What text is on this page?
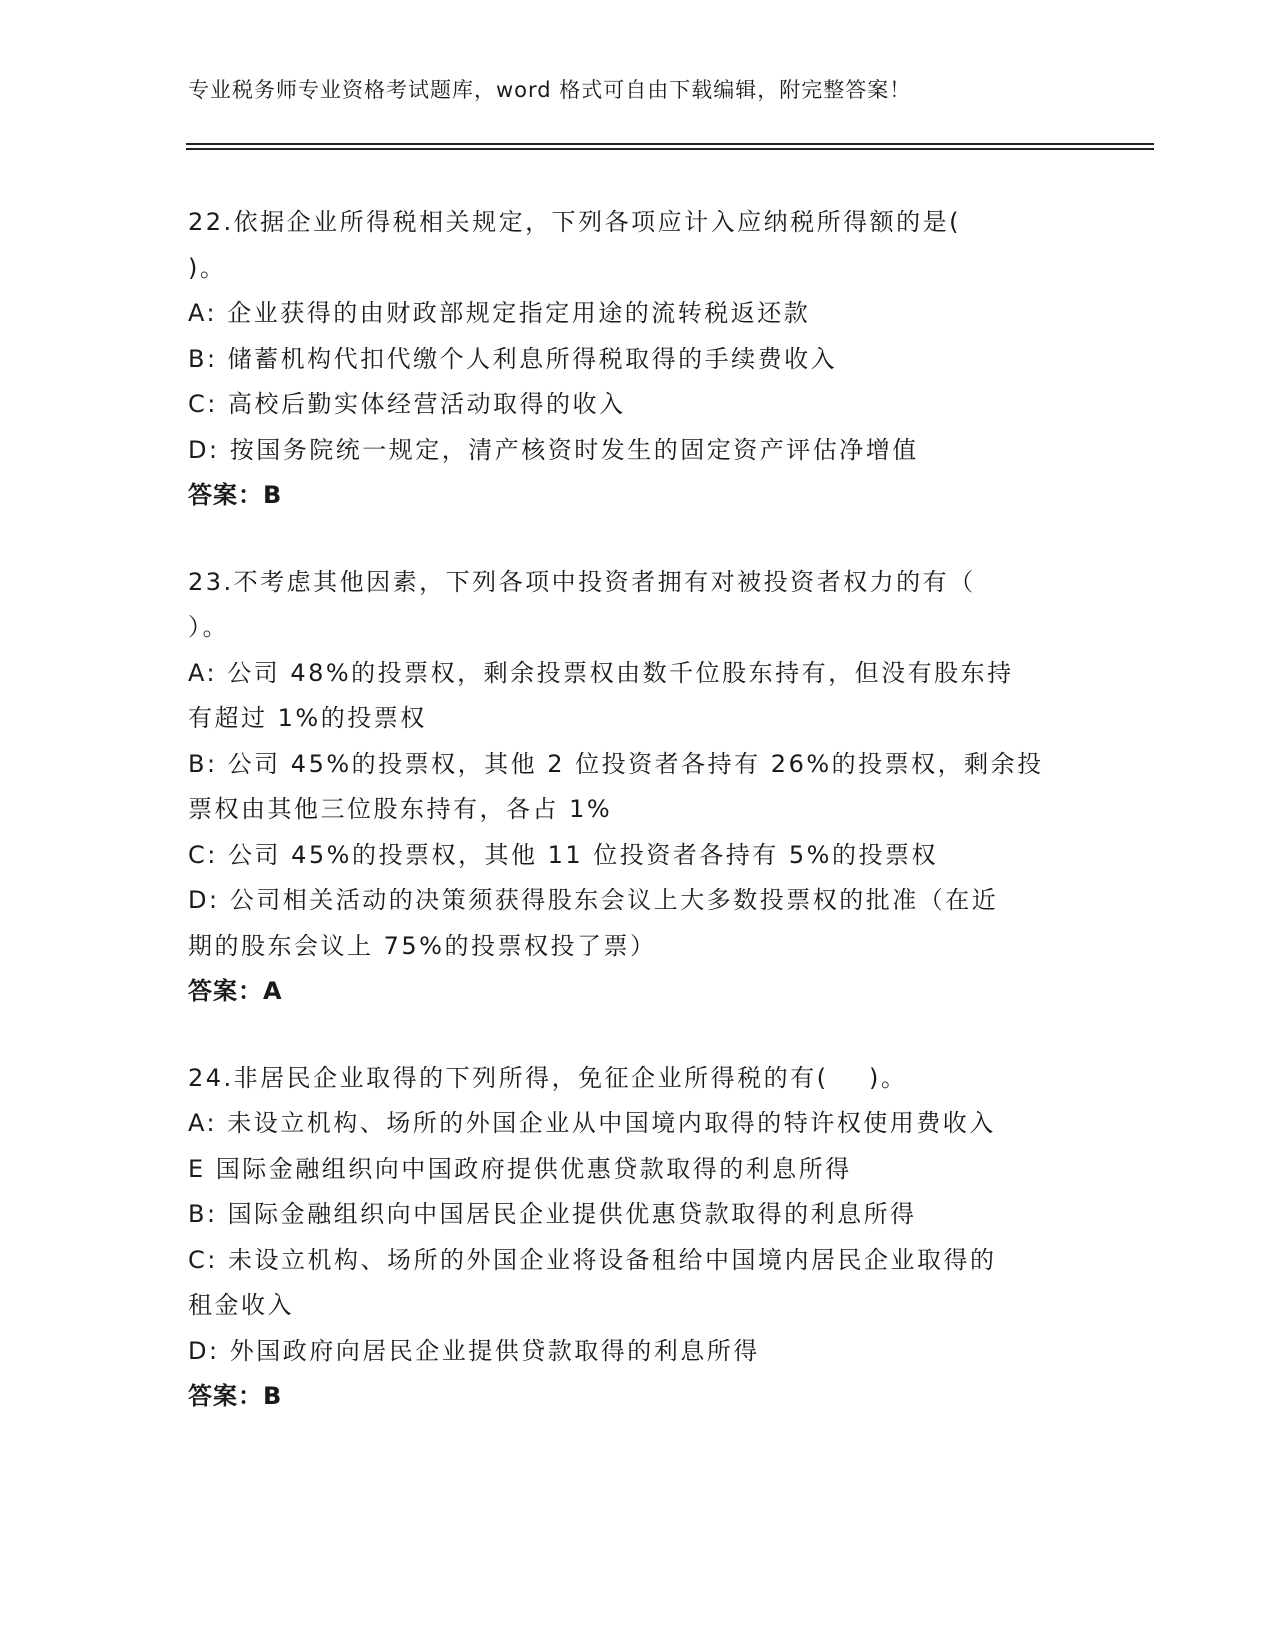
专业税务师专业资格考试题库，word 格式可自由下载编辑，附完整答案！
22.依据企业所得税相关规定，下列各项应计入应纳税所得额的是(
)。
A: 企业获得的由财政部规定指定用途的流转税返还款
B: 储蓄机构代扣代缴个人利息所得税取得的手续费收入
C: 高校后勤实体经营活动取得的收入
D: 按国务院统一规定，清产核资时发生的固定资产评估净增值
答案：B
23.不考虑其他因素，下列各项中投资者拥有对被投资者权力的有（
）。
A: 公司 48%的投票权，剩余投票权由数千位股东持有，但没有股东持
有超过 1%的投票权
B: 公司 45%的投票权，其他 2 位投资者各持有 26%的投票权，剩余投
票权由其他三位股东持有，各占 1%
C: 公司 45%的投票权，其他 11 位投资者各持有 5%的投票权
D: 公司相关活动的决策须获得股东会议上大多数投票权的批准（在近
期的股东会议上 75%的投票权投了票）
答案：A
24.非居民企业取得的下列所得，免征企业所得税的有(    )。
A: 未设立机构、场所的外国企业从中国境内取得的特许权使用费收入
E 国际金融组织向中国政府提供优惠贷款取得的利息所得
B: 国际金融组织向中国居民企业提供优惠贷款取得的利息所得
C: 未设立机构、场所的外国企业将设备租给中国境内居民企业取得的
租金收入
D: 外国政府向居民企业提供贷款取得的利息所得
答案：B
